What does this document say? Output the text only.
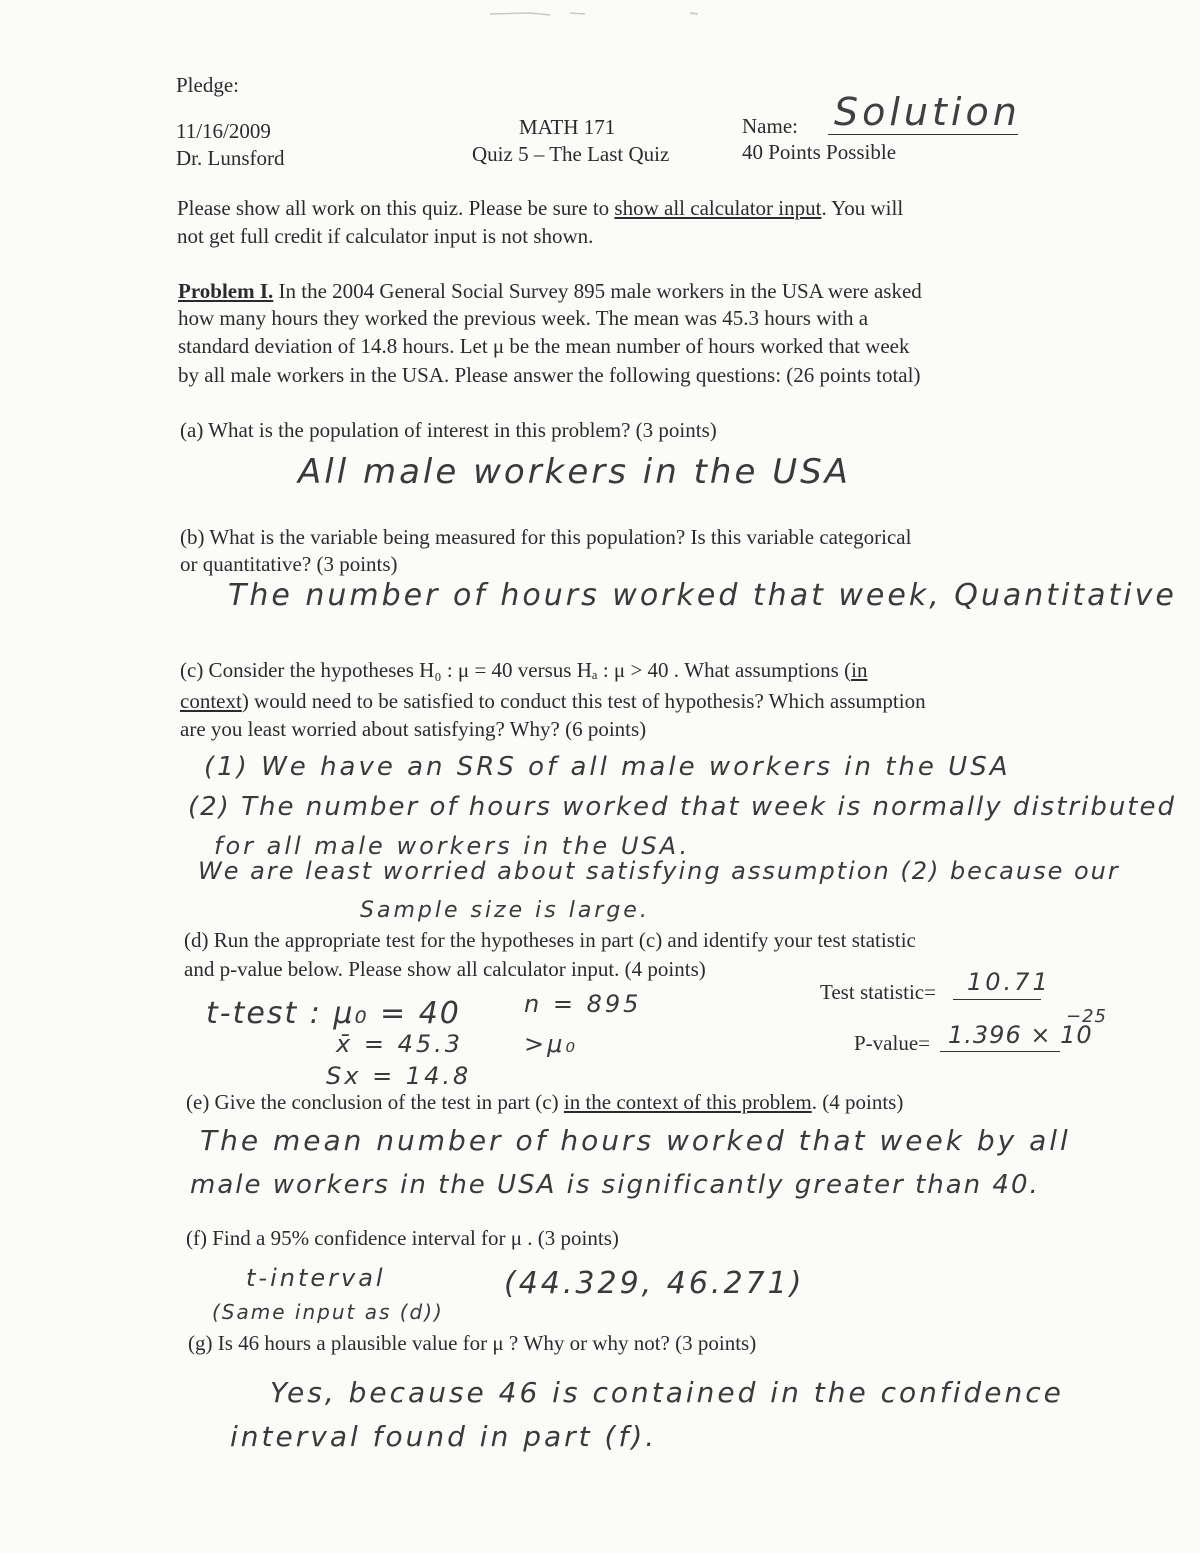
Pledge:
11/16/2009
Dr. Lunsford
MATH 171
Quiz 5 – The Last Quiz
Name: Solution
40 Points Possible
Please show all work on this quiz. Please be sure to show all calculator input. You will
not get full credit if calculator input is not shown.
Problem I. In the 2004 General Social Survey 895 male workers in the USA were asked
how many hours they worked the previous week. The mean was 45.3 hours with a
standard deviation of 14.8 hours. Let μ be the mean number of hours worked that week
by all male workers in the USA. Please answer the following questions: (26 points total)
(a) What is the population of interest in this problem? (3 points)
All male workers in the USA
(b) What is the variable being measured for this population? Is this variable categorical
or quantitative? (3 points)
The number of hours worked that week, Quantitative
(c) Consider the hypotheses H₀ : μ = 40 versus Hₐ : μ > 40 . What assumptions (in
context) would need to be satisfied to conduct this test of hypothesis? Which assumption
are you least worried about satisfying? Why? (6 points)
(1) We have an SRS of all male workers in the USA
(2) The number of hours worked that week is normally distributed
for all male workers in the USA.
We are least worried about satisfying assumption (2) because our
Sample size is large.
(d) Run the appropriate test for the hypotheses in part (c) and identify your test statistic
and p-value below. Please show all calculator input. (4 points)
Test statistic= 10.71
P-value= 1.396 × 10
−25
t-test : μ₀ = 40
x̄ = 45.3
Sx = 14.8
n = 895
>μ₀
(e) Give the conclusion of the test in part (c) in the context of this problem. (4 points)
The mean number of hours worked that week by all
male workers in the USA is significantly greater than 40.
(f) Find a 95% confidence interval for μ . (3 points)
t-interval
(Same input as (d))
(44.329, 46.271)
(g) Is 46 hours a plausible value for μ ? Why or why not? (3 points)
Yes, because 46 is contained in the confidence
interval found in part (f).
